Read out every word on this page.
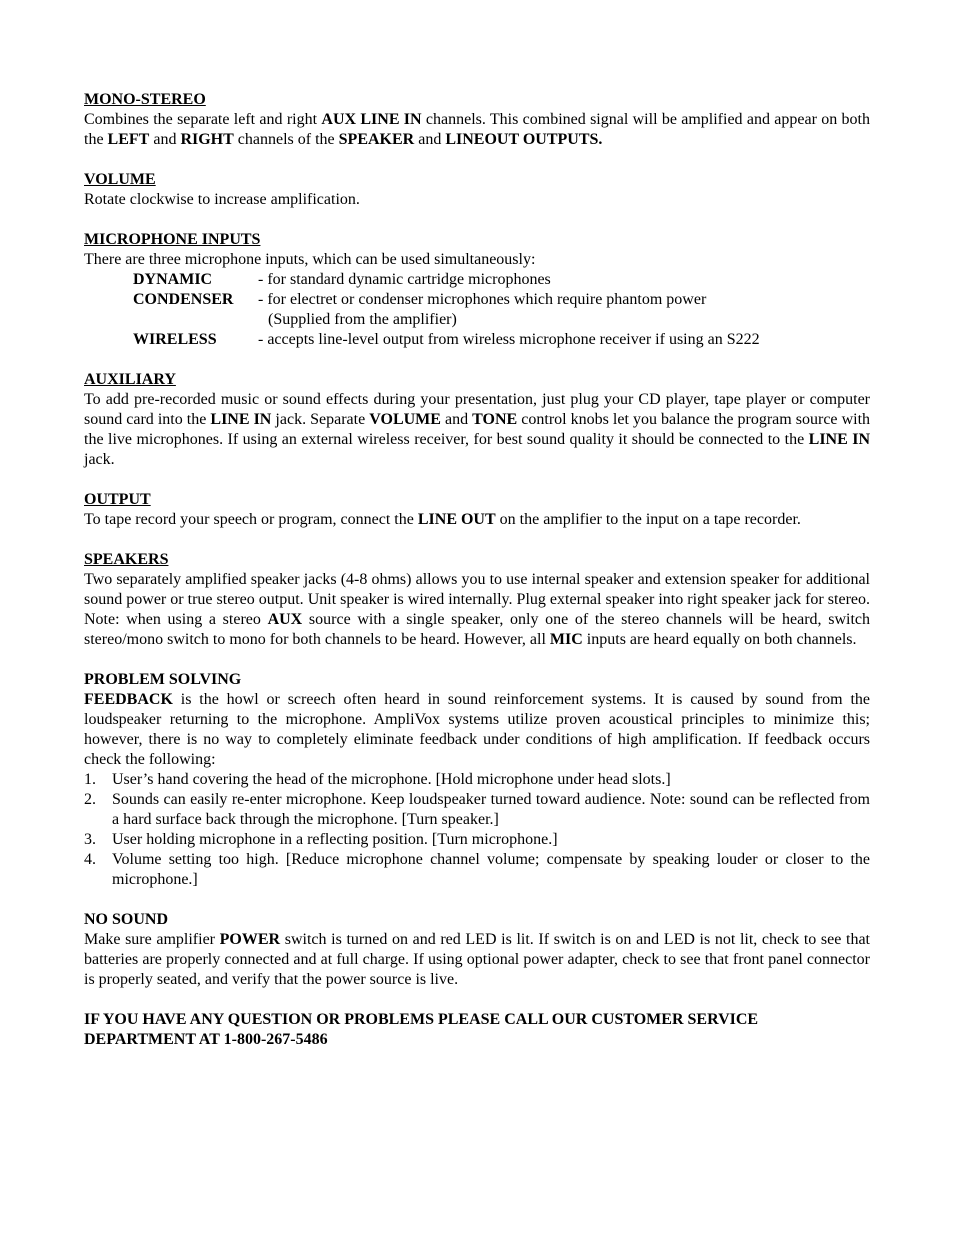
MONO-STEREO

Combines the separate left and right AUX LINE IN channels. This combined signal will be amplified and appear on both the LEFT and RIGHT channels of the SPEAKER and LINEOUT OUTPUTS.

VOLUME

Rotate clockwise to increase amplification.

MICROPHONE INPUTS

There are three microphone inputs, which can be used simultaneously:

DYNAMIC	- for standard dynamic cartridge microphones
CONDENSER	- for electret or condenser microphones which require phantom power
(Supplied from the amplifier)
WIRELESS	- accepts line-level output from wireless microphone receiver if using an S222
AUXILIARY

To add pre-recorded music or sound effects during your presentation, just plug your CD player, tape player or computer sound card into the LINE IN jack. Separate VOLUME and TONE control knobs let you balance the program source with the live microphones. If using an external wireless receiver, for best sound quality it should be connected to the LINE IN jack.

OUTPUT

To tape record your speech or program, connect the LINE OUT on the amplifier to the input on a tape recorder.

SPEAKERS

Two separately amplified speaker jacks (4-8 ohms) allows you to use internal speaker and extension speaker for additional sound power or true stereo output. Unit speaker is wired internally. Plug external speaker into right speaker jack for stereo. Note: when using a stereo AUX source with a single speaker, only one of the stereo channels will be heard, switch stereo/mono switch to mono for both channels to be heard. However, all MIC inputs are heard equally on both channels.

PROBLEM SOLVING

FEEDBACK is the howl or screech often heard in sound reinforcement systems. It is caused by sound from the loudspeaker returning to the microphone. AmpliVox systems utilize proven acoustical principles to minimize this; however, there is no way to completely eliminate feedback under conditions of high amplification. If feedback occurs check the following:

1.	User’s hand covering the head of the microphone. [Hold microphone under head slots.]
2.	Sounds can easily re-enter microphone. Keep loudspeaker turned toward audience. Note: sound can be reflected from a hard surface back through the microphone. [Turn speaker.]
3.	User holding microphone in a reflecting position. [Turn microphone.]
4.	Volume setting too high. [Reduce microphone channel volume; compensate by speaking louder or closer to the microphone.]
NO SOUND

Make sure amplifier POWER switch is turned on and red LED is lit. If switch is on and LED is not lit, check to see that batteries are properly connected and at full charge. If using optional power adapter, check to see that front panel connector is properly seated, and verify that the power source is live.

IF YOU HAVE ANY QUESTION OR PROBLEMS PLEASE CALL OUR CUSTOMER SERVICE
DEPARTMENT AT 1-800-267-5486
